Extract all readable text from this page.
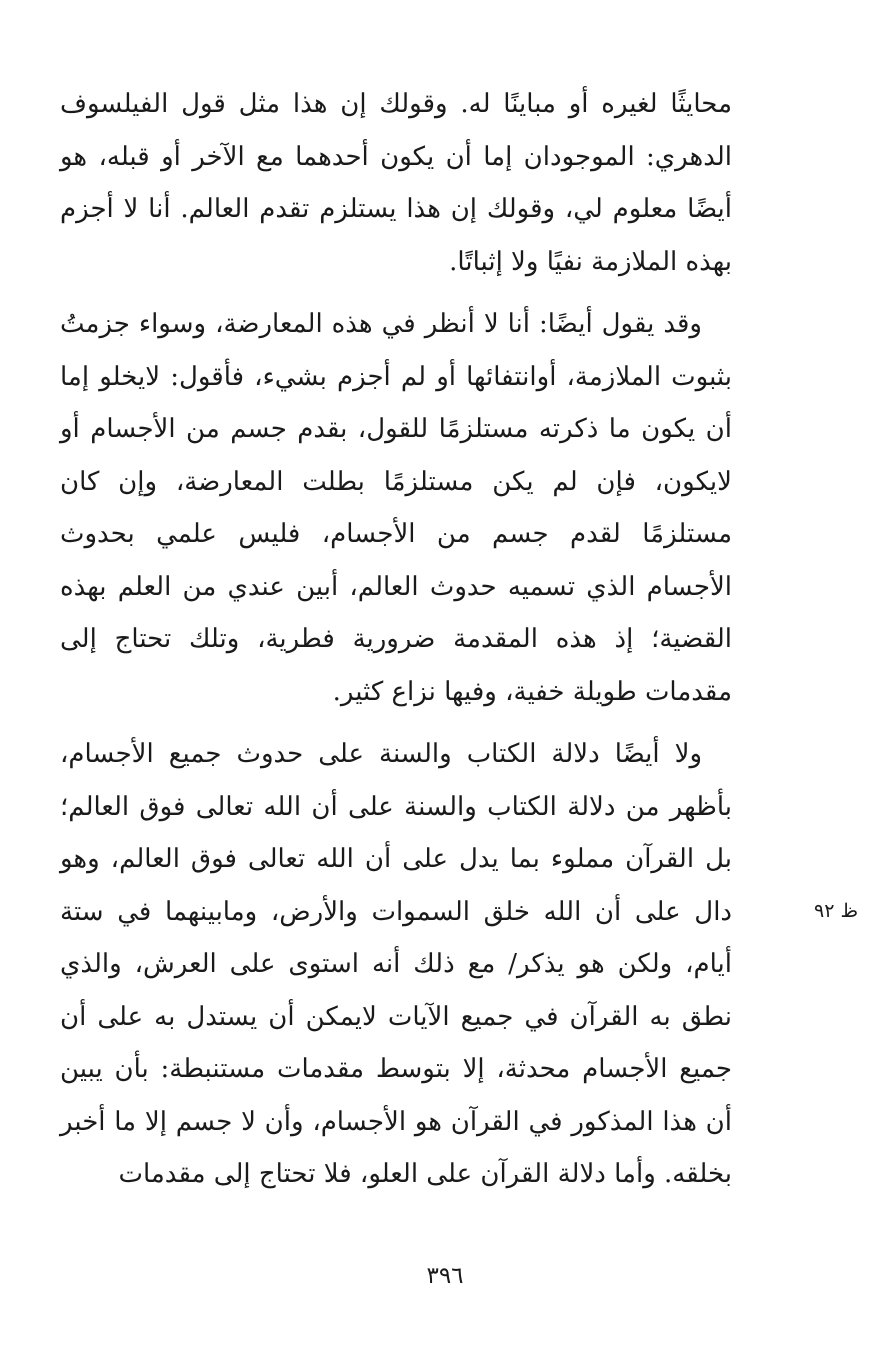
محايثًا لغيره أو مباينًا له. وقولك إن هذا مثل قول الفيلسوف الدهري: الموجودان إما أن يكون أحدهما مع الآخر أو قبله، هو أيضًا معلوم لي، وقولك إن هذا يستلزم تقدم العالم. أنا لا أجزم بهذه الملازمة نفيًا ولا إثباتًا.

وقد يقول أيضًا: أنا لا أنظر في هذه المعارضة، وسواء جزمتُ بثبوت الملازمة، أوانتفائها أو لم أجزم بشيء، فأقول: لايخلو إما أن يكون ما ذكرته مستلزمًا للقول، بقدم جسم من الأجسام أو لايكون، فإن لم يكن مستلزمًا بطلت المعارضة، وإن كان مستلزمًا لقدم جسم من الأجسام، فليس علمي بحدوث الأجسام الذي تسميه حدوث العالم، أبين عندي من العلم بهذه القضية؛ إذ هذه المقدمة ضرورية فطرية، وتلك تحتاج إلى مقدمات طويلة خفية، وفيها نزاع كثير.

ولا أيضًا دلالة الكتاب والسنة على حدوث جميع الأجسام، بأظهر من دلالة الكتاب والسنة على أن الله تعالى فوق العالم؛ بل القرآن مملوء بما يدل على أن الله تعالى فوق العالم، وهو دال على أن الله خلق السموات والأرض، ومابينهما في ستة أيام، ولكن هو يذكر/ مع ذلك أنه استوى على العرش، والذي نطق به القرآن في جميع الآيات لايمكن أن يستدل به على أن جميع الأجسام محدثة، إلا بتوسط مقدمات مستنبطة: بأن يبين أن هذا المذكور في القرآن هو الأجسام، وأن لا جسم إلا ما أخبر بخلقه. وأما دلالة القرآن على العلو، فلا تحتاج إلى مقدمات

ظ ٩٢
٣٩٦
